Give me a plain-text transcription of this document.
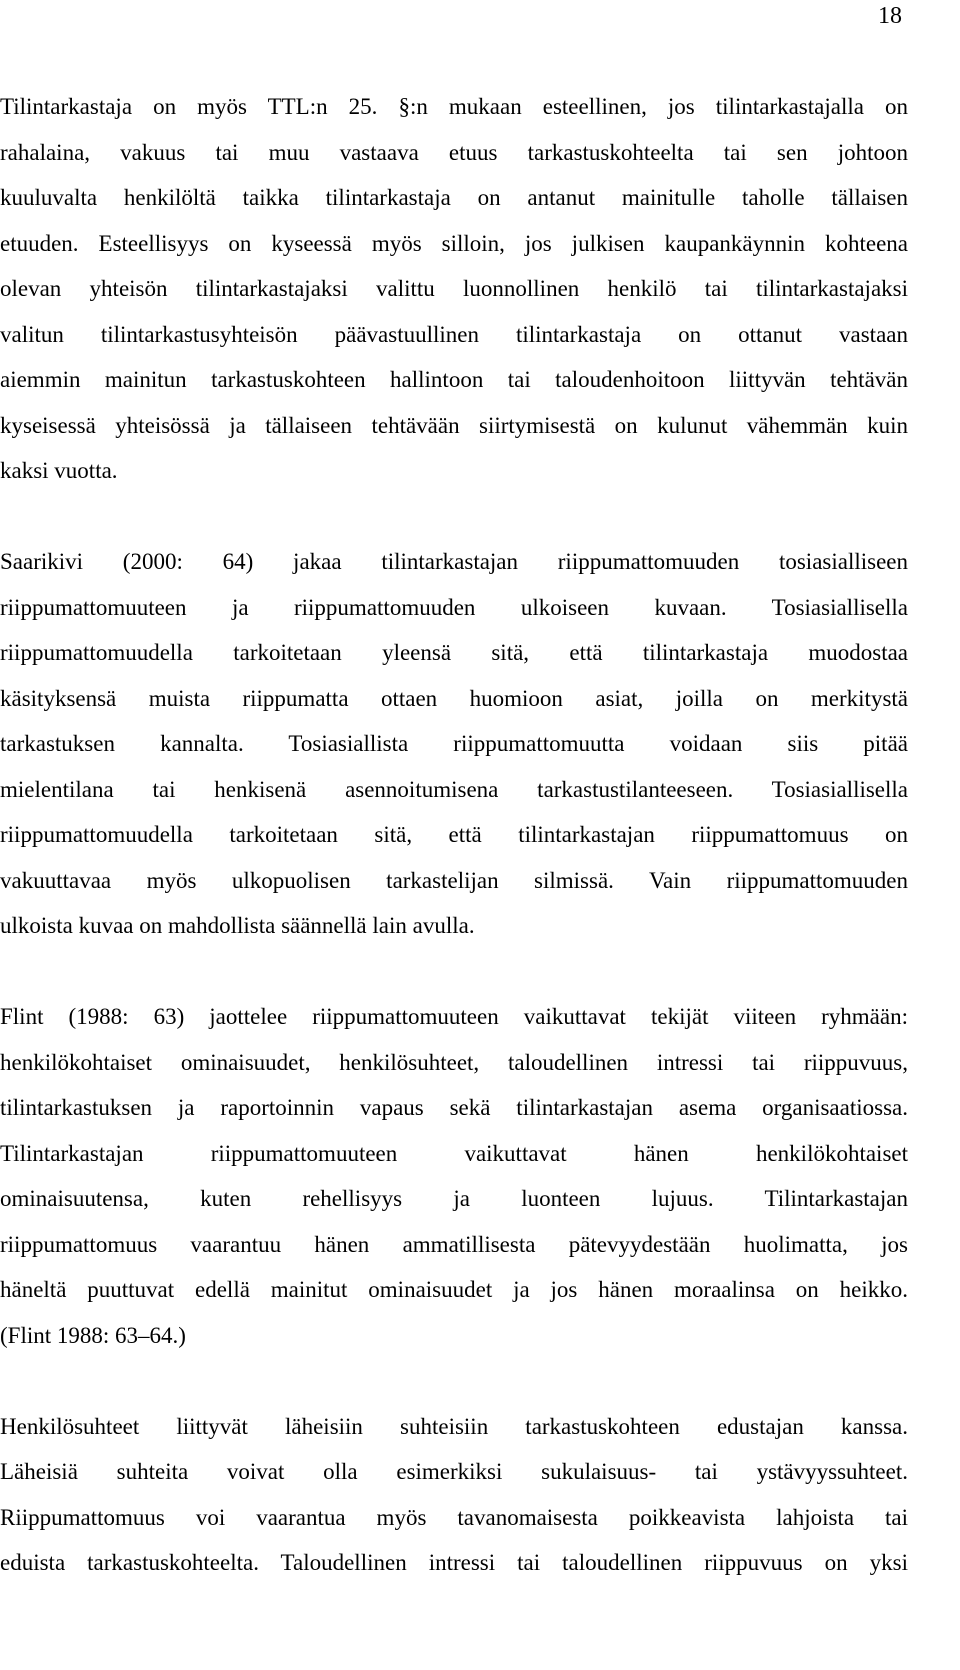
18

Tilintarkastaja on myös TTL:n 25. §:n mukaan esteellinen, jos tilintarkastajalla on
rahalaina, vakuus tai muu vastaava etuus tarkastuskohteelta tai sen johtoon
kuuluvalta henkilöltä taikka tilintarkastaja on antanut mainitulle taholle tällaisen
etuuden. Esteellisyys on kyseessä myös silloin, jos julkisen kaupankäynnin kohteena
olevan yhteisön tilintarkastajaksi valittu luonnollinen henkilö tai tilintarkastajaksi
valitun tilintarkastusyhteisön päävastuullinen tilintarkastaja on ottanut vastaan
aiemmin mainitun tarkastuskohteen hallintoon tai taloudenhoitoon liittyvän tehtävän
kyseisessä yhteisössä ja tällaiseen tehtävään siirtymisestä on kulunut vähemmän kuin
kaksi vuotta.

Saarikivi (2000: 64) jakaa tilintarkastajan riippumattomuuden tosiasialliseen
riippumattomuuteen ja riippumattomuuden ulkoiseen kuvaan. Tosiasiallisella
riippumattomuudella tarkoitetaan yleensä sitä, että tilintarkastaja muodostaa
käsityksensä muista riippumatta ottaen huomioon asiat, joilla on merkitystä
tarkastuksen kannalta. Tosiasiallista riippumattomuutta voidaan siis pitää
mielentilana tai henkisenä asennoitumisena tarkastustilanteeseen. Tosiasiallisella
riippumattomuudella tarkoitetaan sitä, että tilintarkastajan riippumattomuus on
vakuuttavaa myös ulkopuolisen tarkastelijan silmissä. Vain riippumattomuuden
ulkoista kuvaa on mahdollista säännellä lain avulla.

Flint (1988: 63) jaottelee riippumattomuuteen vaikuttavat tekijät viiteen ryhmään:
henkilökohtaiset ominaisuudet, henkilösuhteet, taloudellinen intressi tai riippuvuus,
tilintarkastuksen ja raportoinnin vapaus sekä tilintarkastajan asema organisaatiossa.
Tilintarkastajan riippumattomuuteen vaikuttavat hänen henkilökohtaiset
ominaisuutensa, kuten rehellisyys ja luonteen lujuus. Tilintarkastajan
riippumattomuus vaarantuu hänen ammatillisesta pätevyydestään huolimatta, jos
häneltä puuttuvat edellä mainitut ominaisuudet ja jos hänen moraalinsa on heikko.
(Flint 1988: 63–64.)

Henkilösuhteet liittyvät läheisiin suhteisiin tarkastuskohteen edustajan kanssa.
Läheisiä suhteita voivat olla esimerkiksi sukulaisuus- tai ystävyyssuhteet.
Riippumattomuus voi vaarantua myös tavanomaisesta poikkeavista lahjoista tai
eduista tarkastuskohteelta. Taloudellinen intressi tai taloudellinen riippuvuus on yksi
